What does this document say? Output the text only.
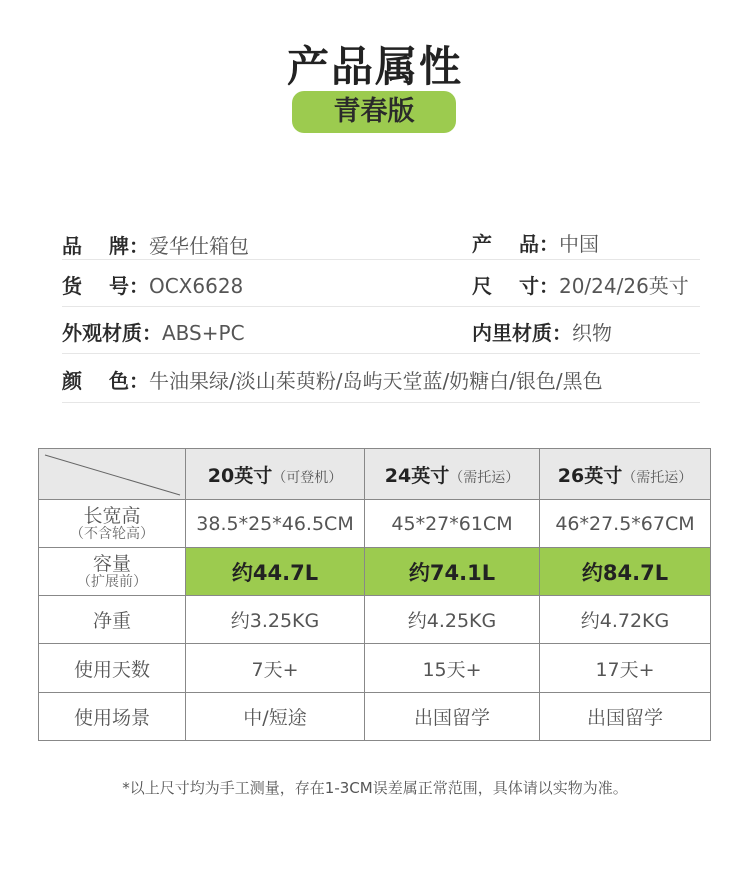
产品属性
青春版
品　 牌：爱华仕箱包	产　 品：中国
货　 号：OCX6628	尺　 寸：20/24/26英寸
外观材质：ABS+PC	内里材质：织物
颜　 色：牛油果绿/淡山茱萸粉/岛屿天堂蓝/奶糖白/银色/黑色
	20英寸（可登机）	24英寸（需托运）	26英寸（需托运）

长宽高
（不含轮高）	38.5*25*46.5CM	45*27*61CM	46*27.5*67CM

容量
（扩展前）	约44.7L	约74.1L	约84.7L
净重	约3.25KG	约4.25KG	约4.72KG
使用天数	7天+	15天+	17天+
使用场景	中/短途	出国留学	出国留学
*以上尺寸均为手工测量，存在1-3CM误差属正常范围，具体请以实物为准。
